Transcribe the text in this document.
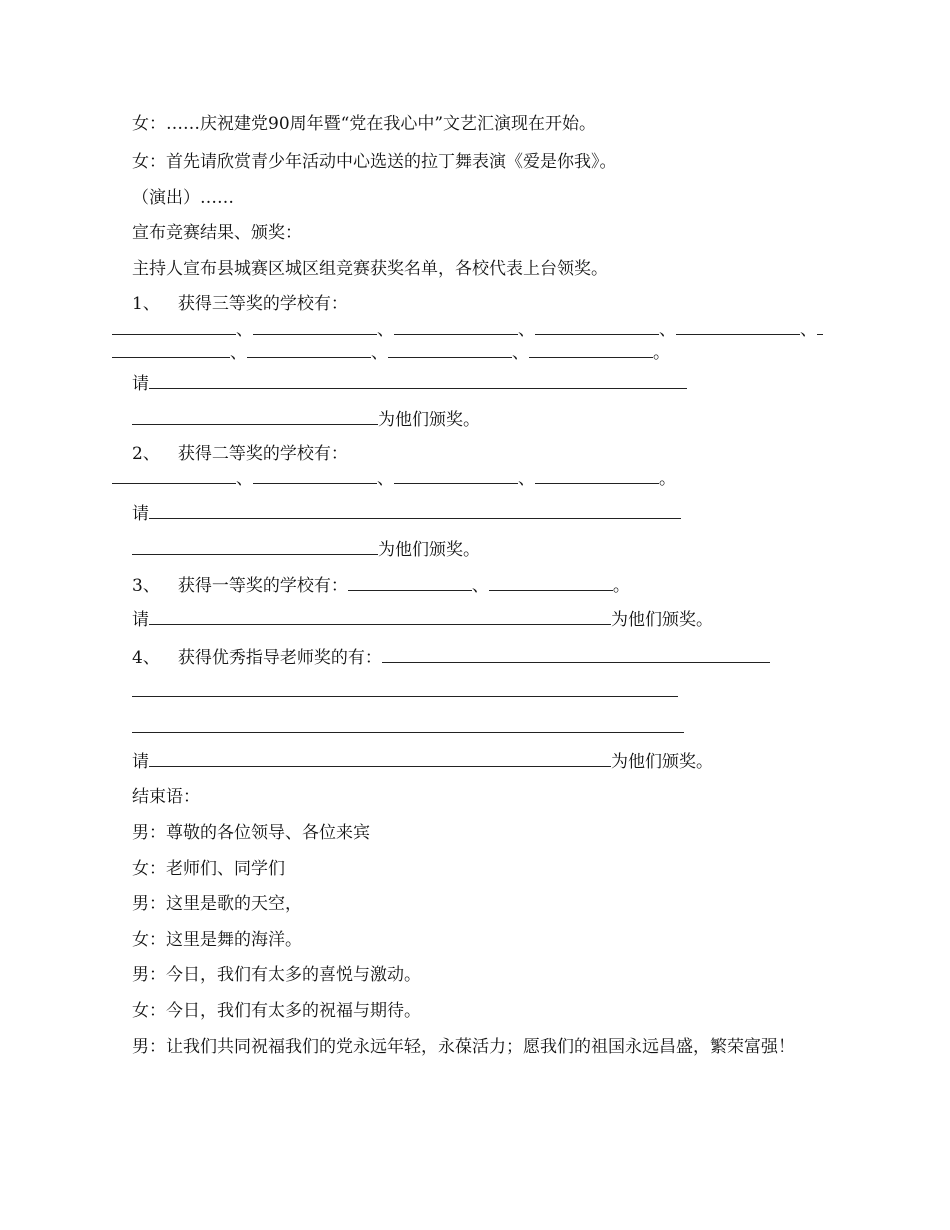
女：……庆祝建党90周年暨“党在我心中”文艺汇演现在开始。
女：首先请欣赏青少年活动中心选送的拉丁舞表演《爱是你我》。
（演出）……
宣布竞赛结果、颁奖：
主持人宣布县城赛区城区组竞赛获奖名单，各校代表上台领奖。
1、 获得三等奖的学校有：
、	、	、	、	、
、	、	、	。
请
为他们颁奖。
2、 获得二等奖的学校有：
、	、	、	。
请
为他们颁奖。
3、 获得一等奖的学校有：	、	。
请	为他们颁奖。
4、 获得优秀指导老师奖的有：
请	为他们颁奖。
结束语：
男：尊敬的各位领导、各位来宾
女：老师们、同学们
男：这里是歌的天空，
女：这里是舞的海洋。
男：今日，我们有太多的喜悦与激动。
女：今日，我们有太多的祝福与期待。
男：让我们共同祝福我们的党永远年轻，永葆活力；愿我们的祖国永远昌盛，繁荣富强！
